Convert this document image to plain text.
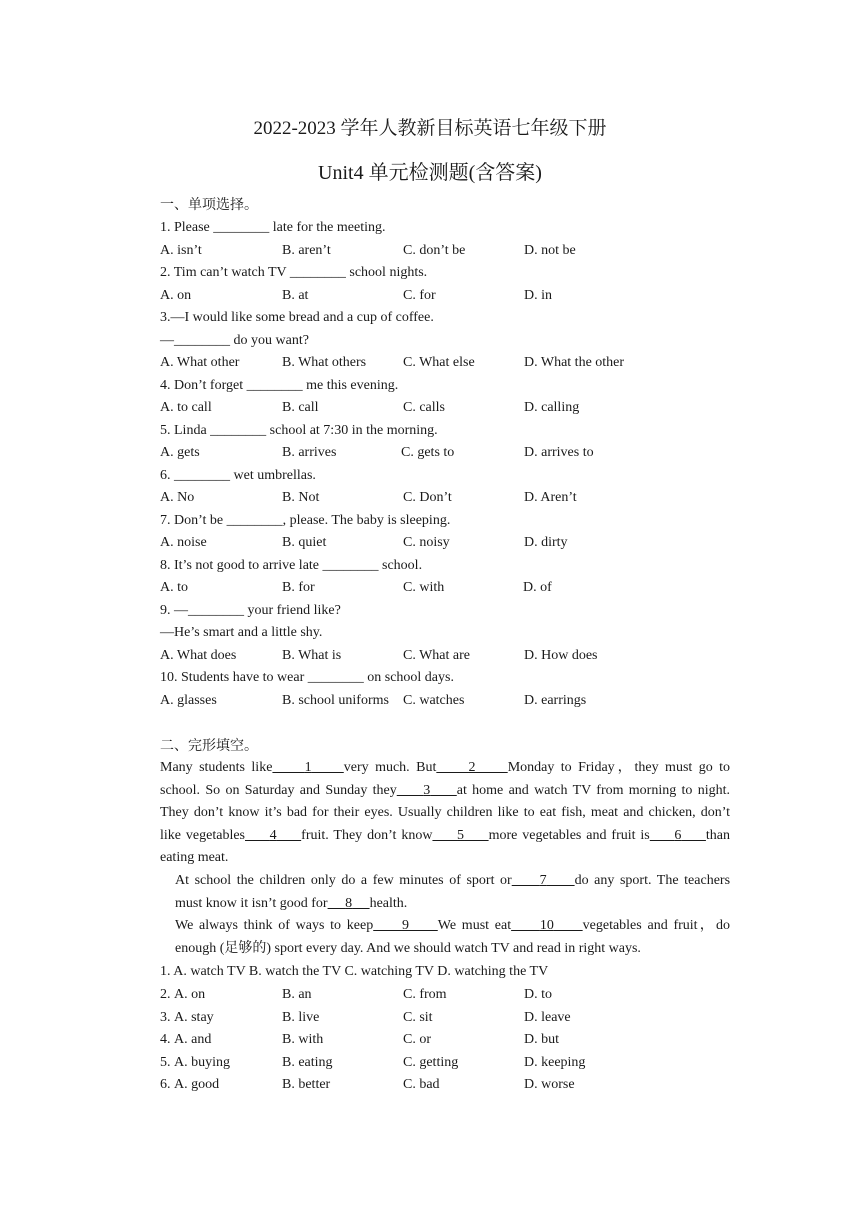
2022-2023 学年人教新目标英语七年级下册
Unit4 单元检测题(含答案)
一、单项选择。
1. Please ________ late for the meeting.
A. isn’t	B. aren’t	C. don’t be	D. not be
2. Tim can’t watch TV ________ school nights.
A. on	B. at	C. for	D. in
3.—I would like some bread and a cup of coffee.
—________ do you want?
A. What other	B. What others	C. What else	D. What the other
4. Don’t forget ________ me this evening.
A. to call	B. call	C. calls	D. calling
5. Linda ________ school at 7:30 in the morning.
A. gets	B. arrives	C. gets to	D. arrives to
6. ________ wet umbrellas.
A. No	B. Not	C. Don’t	D. Aren’t
7. Don’t be ________, please. The baby is sleeping.
A. noise	B. quiet	C. noisy	D. dirty
8. It’s not good to arrive late ________ school.
A. to	B. for	C. with	D. of
9. —________ your friend like?
—He’s smart and a little shy.
A. What does	B. What is	C. What are	D. How does
10. Students have to wear ________ on school days.
A. glasses	B. school uniforms C. watches	D. earrings
二、完形填空。
Many students like 1 very much. But 2 Monday to Friday，they must go to
school. So on Saturday and Sunday they 3 at home and watch TV from morning to night.
They don’t know it’s bad for their eyes. Usually children like to eat fish, meat and chicken, don’t
like vegetables 4 fruit. They don’t know 5 more vegetables and fruit is 6 than
eating meat.
At school the children only do a few minutes of sport or 7 do any sport. The teachers
must know it isn’t good for 8 health.
We always think of ways to keep 9 We must eat 10 vegetables and fruit，do
enough (足够的) sport every day. And we should watch TV and read in right ways.
1. A. watch TV B. watch the TV C. watching TV D. watching the TV
2. A. on	B. an	C. from	D. to
3. A. stay	B. live	C. sit	D. leave
4. A. and	B. with	C. or	D. but
5. A. buying	B. eating	C. getting	D. keeping
6. A. good	B. better	C. bad	D. worse
